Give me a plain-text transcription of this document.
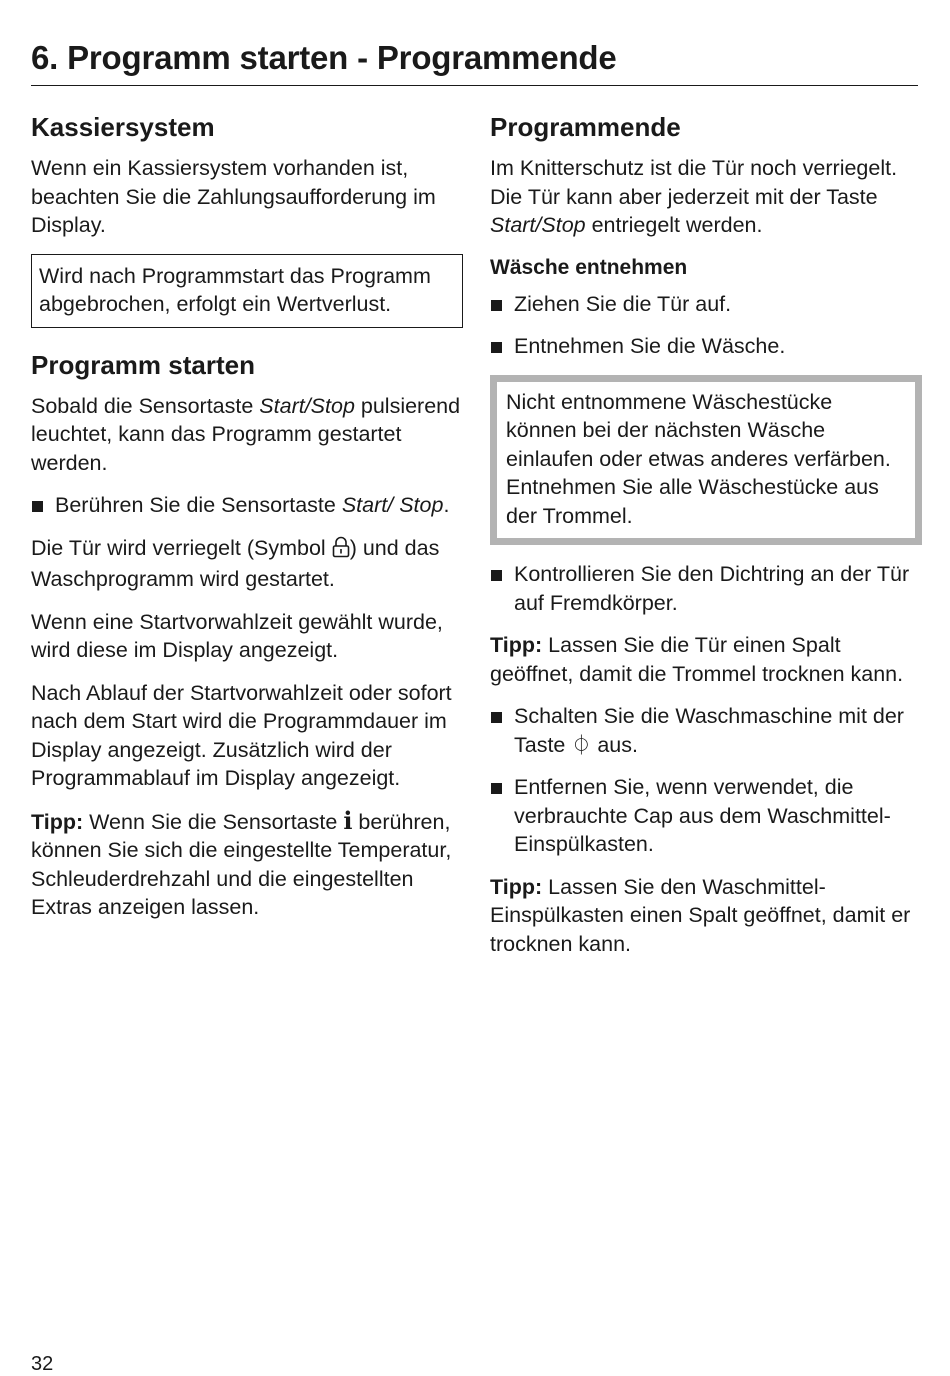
6. Programm starten - Programmende
Kassiersystem

Wenn ein Kassiersystem vorhanden ist, beachten Sie die Zahlungsaufforderung im Display.

Wird nach Programmstart das Programm abgebrochen, erfolgt ein Wertverlust.
Programm starten

Sobald die Sensortaste Start/Stop pulsierend leuchtet, kann das Programm gestartet werden.

Berühren Sie die Sensortaste Start/ Stop.

Die Tür wird verriegelt (Symbol ) und das Waschprogramm wird gestartet.

Wenn eine Startvorwahlzeit gewählt wurde, wird diese im Display angezeigt.

Nach Ablauf der Startvorwahlzeit oder sofort nach dem Start wird die Programmdauer im Display angezeigt. Zusätzlich wird der Programmablauf im Display angezeigt.

Tipp: Wenn Sie die Sensortaste i berühren, können Sie sich die eingestellte Temperatur, Schleuderdrehzahl und die eingestellten Extras anzeigen lassen.

Programmende

Im Knitterschutz ist die Tür noch verriegelt. Die Tür kann aber jederzeit mit der Taste Start/Stop entriegelt werden.

Wäsche entnehmen
Ziehen Sie die Tür auf.
Entnehmen Sie die Wäsche.

Nicht entnommene Wäschestücke können bei der nächsten Wäsche einlaufen oder etwas anderes verfärben.

Entnehmen Sie alle Wäschestücke aus der Trommel.

Kontrollieren Sie den Dichtring an der Tür auf Fremdkörper.

Tipp: Lassen Sie die Tür einen Spalt geöffnet, damit die Trommel trocknen kann.

Schalten Sie die Waschmaschine mit der Taste ⏀ aus.
Entfernen Sie, wenn verwendet, die verbrauchte Cap aus dem Waschmittel-Einspülkasten.

Tipp: Lassen Sie den Waschmittel-Einspülkasten einen Spalt geöffnet, damit er trocknen kann.

32
